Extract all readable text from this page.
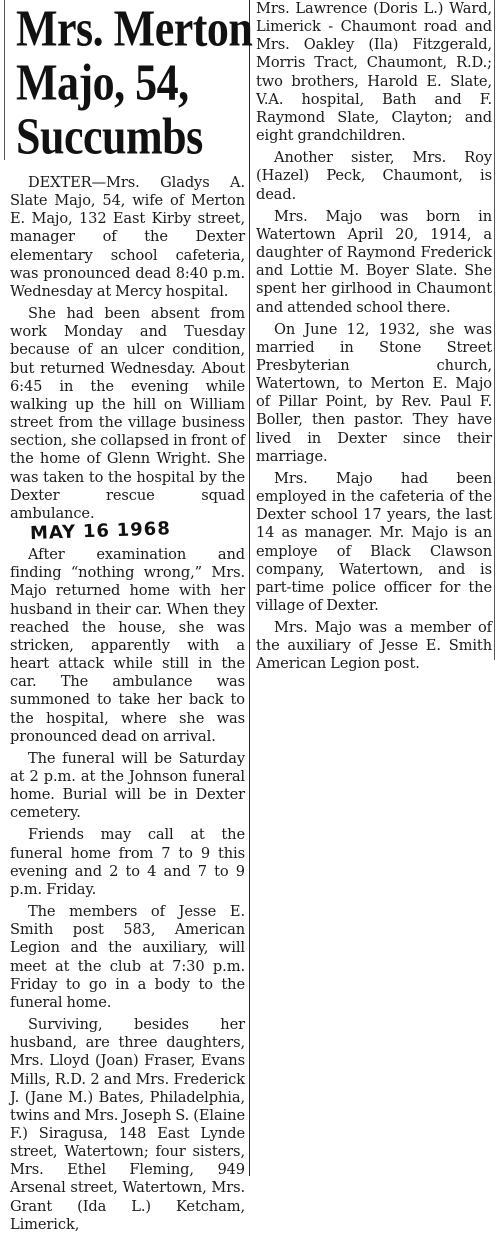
Mrs. Merton
Majo, 54,
Succumbs

DEXTER—Mrs. Gladys A. Slate Majo, 54, wife of Merton E. Majo, 132 East Kirby street, manager of the Dexter elementary school cafeteria, was pronounced dead 8:40 p.m. Wednesday at Mercy hospital.

She had been absent from work Monday and Tuesday because of an ulcer condition, but returned Wednesday. About 6:45 in the evening while walking up the hill on William street from the village business section, she collapsed in front of the home of Glenn Wright. She was taken to the hospital by the Dexter rescue squad ambulance. MAY 16 1968

After examination and finding “nothing wrong,” Mrs. Majo returned home with her husband in their car. When they reached the house, she was stricken, apparently with a heart attack while still in the car. The ambulance was summoned to take her back to the hospital, where she was pronounced dead on arrival.

The funeral will be Saturday at 2 p.m. at the Johnson funeral home. Burial will be in Dexter cemetery.

Friends may call at the funeral home from 7 to 9 this evening and 2 to 4 and 7 to 9 p.m. Friday.

The members of Jesse E. Smith post 583, American Legion and the auxiliary, will meet at the club at 7:30 p.m. Friday to go in a body to the funeral home.

Surviving, besides her husband, are three daughters, Mrs. Lloyd (Joan) Fraser, Evans Mills, R.D. 2 and Mrs. Frederick J. (Jane M.) Bates, Philadelphia, twins and Mrs. Joseph S. (Elaine F.) Siragusa, 148 East Lynde street, Watertown; four sisters, Mrs. Ethel Fleming, 949 Arsenal street, Watertown, Mrs. Grant (Ida L.) Ketcham, Limerick,

Mrs. Lawrence (Doris L.) Ward, Limerick - Chaumont road and Mrs. Oakley (Ila) Fitzgerald, Morris Tract, Chaumont, R.D.; two brothers, Harold E. Slate, V.A. hospital, Bath and F. Raymond Slate, Clayton; and eight grandchildren.

Another sister, Mrs. Roy (Hazel) Peck, Chaumont, is dead.

Mrs. Majo was born in Watertown April 20, 1914, a daughter of Raymond Frederick and Lottie M. Boyer Slate. She spent her girlhood in Chaumont and attended school there.

On June 12, 1932, she was married in Stone Street Presbyterian church, Watertown, to Merton E. Majo of Pillar Point, by Rev. Paul F. Boller, then pastor. They have lived in Dexter since their marriage.

Mrs. Majo had been employed in the cafeteria of the Dexter school 17 years, the last 14 as manager. Mr. Majo is an employe of Black Clawson company, Watertown, and is part-time police officer for the village of Dexter.

Mrs. Majo was a member of the auxiliary of Jesse E. Smith American Legion post.
